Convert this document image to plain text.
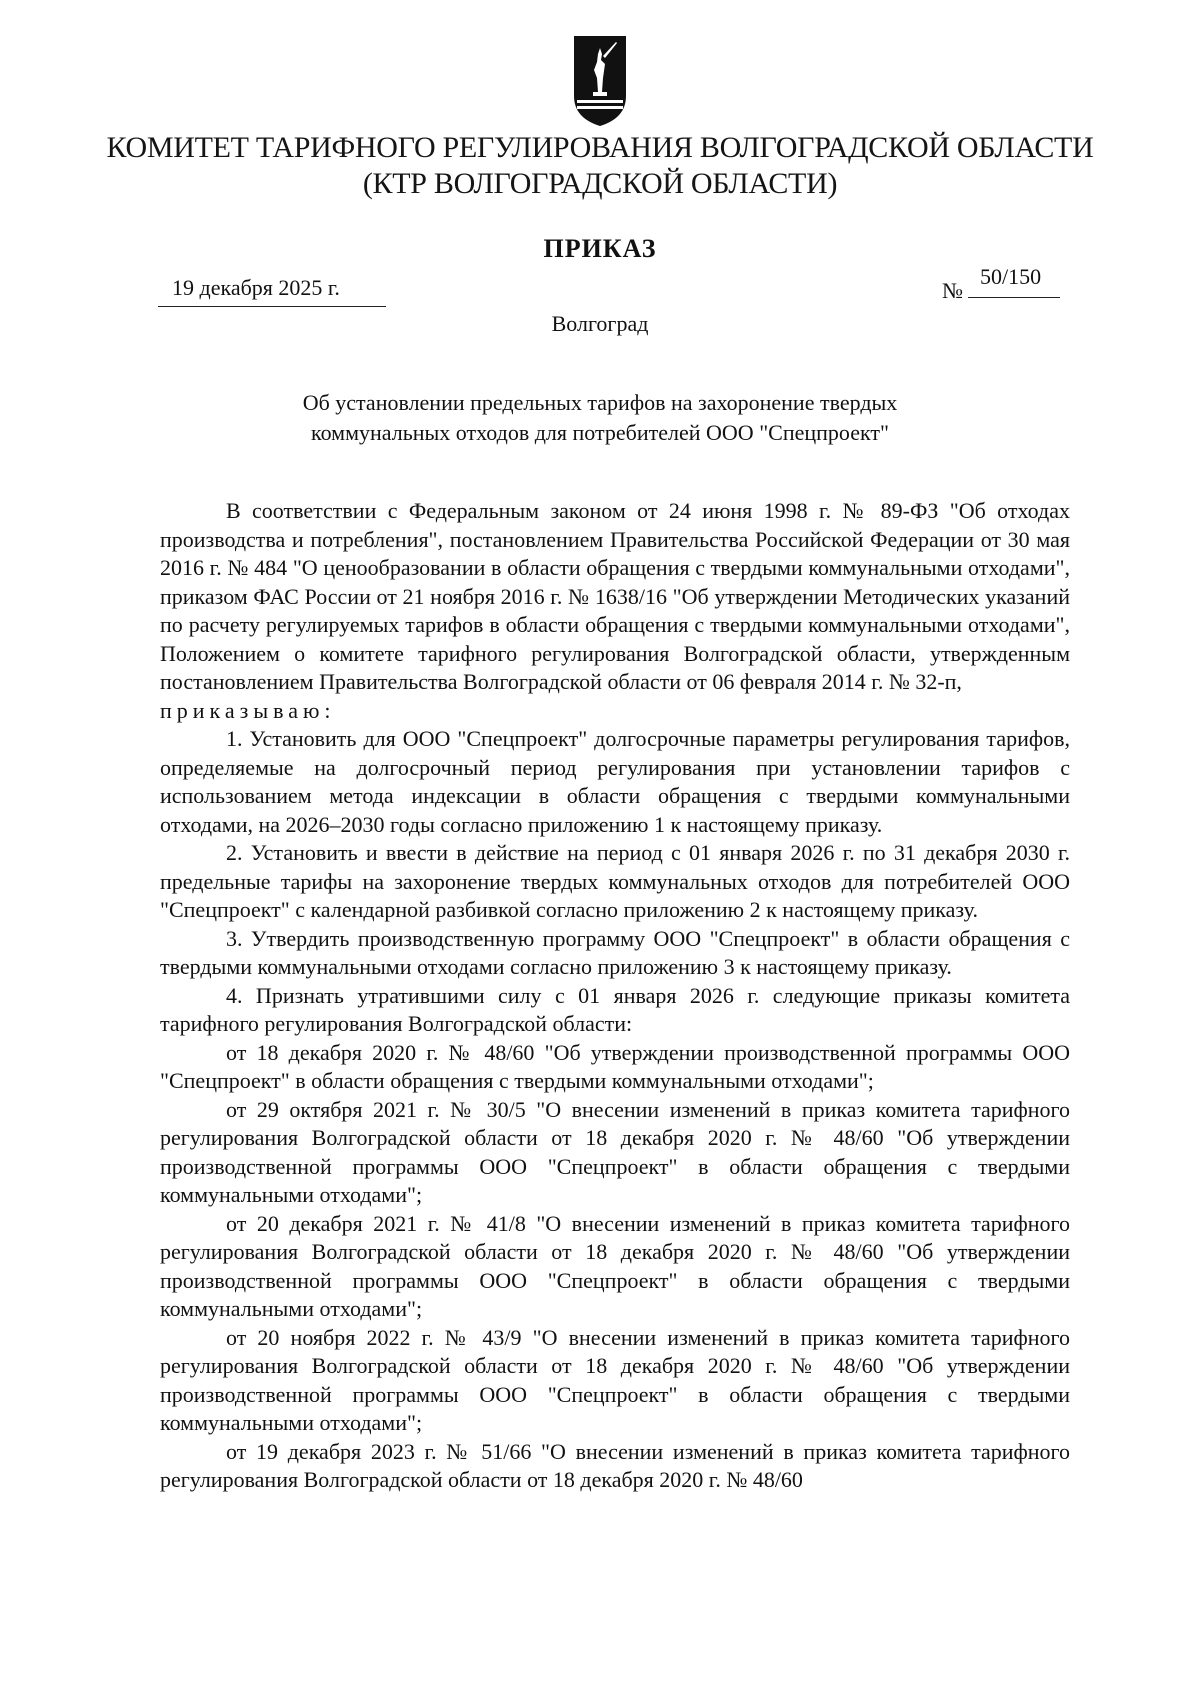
КОМИТЕТ ТАРИФНОГО РЕГУЛИРОВАНИЯ ВОЛГОГРАДСКОЙ ОБЛАСТИ
(КТР ВОЛГОГРАДСКОЙ ОБЛАСТИ)
ПРИКАЗ
19 декабря 2025 г.	№
50/150
Волгоград
Об установлении предельных тарифов на захоронение твердых
коммунальных отходов для потребителей ООО "Спецпроект"

В соответствии с Федеральным законом от 24 июня 1998 г. № 89-ФЗ "Об отходах производства и потребления", постановлением Правительства Российской Федерации от 30 мая 2016 г. № 484 "О ценообразовании в области обращения с твердыми коммунальными отходами", приказом ФАС России от 21 ноября 2016 г. № 1638/16 "Об утверждении Методических указаний по расчету регулируемых тарифов в области обращения с твердыми коммунальными отходами", Положением о комитете тарифного регулирования Волгоградской области, утвержденным постановлением Правительства Волгоградской области от 06 февраля 2014 г. № 32-п,

приказываю:

1. Установить для ООО "Спецпроект" долгосрочные параметры регулирования тарифов, определяемые на долгосрочный период регулирования при установлении тарифов с использованием метода индексации в области обращения с твердыми коммунальными отходами, на 2026–2030 годы согласно приложению 1 к настоящему приказу.

2. Установить и ввести в действие на период с 01 января 2026 г. по 31 декабря 2030 г. предельные тарифы на захоронение твердых коммунальных отходов для потребителей ООО "Спецпроект" с календарной разбивкой согласно приложению 2 к настоящему приказу.

3. Утвердить производственную программу ООО "Спецпроект" в области обращения с твердыми коммунальными отходами согласно приложению 3 к настоящему приказу.

4. Признать утратившими силу с 01 января 2026 г. следующие приказы комитета тарифного регулирования Волгоградской области:

от 18 декабря 2020 г. № 48/60 "Об утверждении производственной программы ООО "Спецпроект" в области обращения с твердыми коммунальными отходами";

от 29 октября 2021 г. № 30/5 "О внесении изменений в приказ комитета тарифного регулирования Волгоградской области от 18 декабря 2020 г. № 48/60 "Об утверждении производственной программы ООО "Спецпроект" в области обращения с твердыми коммунальными отходами";

от 20 декабря 2021 г. № 41/8 "О внесении изменений в приказ комитета тарифного регулирования Волгоградской области от 18 декабря 2020 г. № 48/60 "Об утверждении производственной программы ООО "Спецпроект" в области обращения с твердыми коммунальными отходами";

от 20 ноября 2022 г. № 43/9 "О внесении изменений в приказ комитета тарифного регулирования Волгоградской области от 18 декабря 2020 г. № 48/60 "Об утверждении производственной программы ООО "Спецпроект" в области обращения с твердыми коммунальными отходами";

от 19 декабря 2023 г. № 51/66 "О внесении изменений в приказ комитета тарифного регулирования Волгоградской области от 18 декабря 2020 г. № 48/60
